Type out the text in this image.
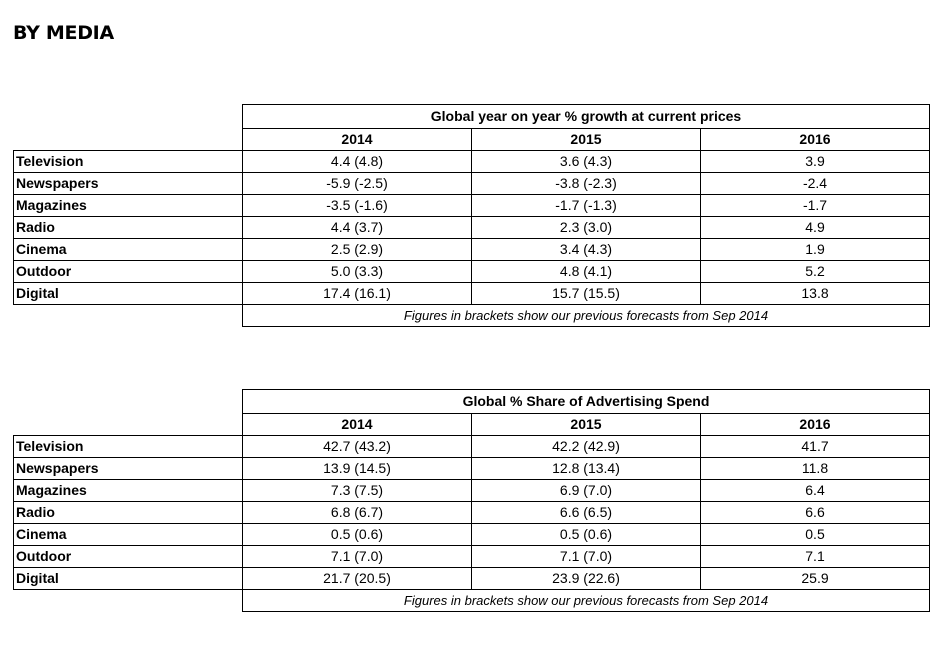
BY MEDIA
	Global year on year % growth at current prices		
	2014	2015	2016
Television	4.4 (4.8)	3.6 (4.3)	3.9
Newspapers	-5.9 (-2.5)	-3.8 (-2.3)	-2.4
Magazines	-3.5 (-1.6)	-1.7 (-1.3)	-1.7
Radio	4.4 (3.7)	2.3 (3.0)	4.9
Cinema	2.5 (2.9)	3.4 (4.3)	1.9
Outdoor	5.0 (3.3)	4.8 (4.1)	5.2
Digital	17.4 (16.1)	15.7 (15.5)	13.8
	Figures in brackets show our previous forecasts from Sep 2014		
	Global % Share of Advertising Spend		
	2014	2015	2016
Television	42.7 (43.2)	42.2 (42.9)	41.7
Newspapers	13.9 (14.5)	12.8 (13.4)	11.8
Magazines	7.3 (7.5)	6.9 (7.0)	6.4
Radio	6.8 (6.7)	6.6 (6.5)	6.6
Cinema	0.5 (0.6)	0.5 (0.6)	0.5
Outdoor	7.1 (7.0)	7.1 (7.0)	7.1
Digital	21.7 (20.5)	23.9 (22.6)	25.9
	Figures in brackets show our previous forecasts from Sep 2014		
